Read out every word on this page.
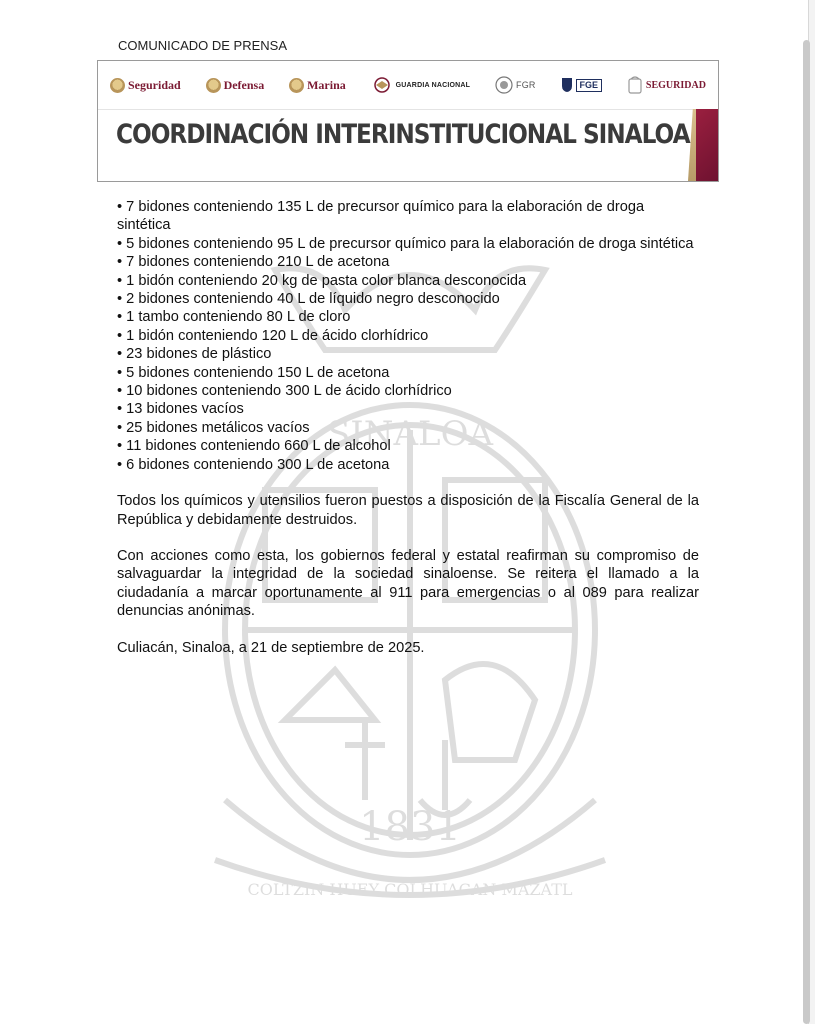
1831
SINALOA
COLTZIN HUEY COLHUACAN MAZATL
COMUNICADO DE PRENSA
Seguridad	Defensa	Marina	GUARDIA NACIONAL	FGR	FGE	SEGURIDAD
COORDINACIÓN INTERINSTITUCIONAL SINALOA
• 7 bidones conteniendo 135 L de precursor químico para la elaboración de droga sintética
• 5 bidones conteniendo 95 L de precursor químico para la elaboración de droga sintética
• 7 bidones conteniendo 210 L de acetona
• 1 bidón conteniendo 20 kg de pasta color blanca desconocida
• 2 bidones conteniendo 40 L de líquido negro desconocido
• 1 tambo conteniendo 80 L de cloro
• 1 bidón conteniendo 120 L de ácido clorhídrico
• 23 bidones de plástico
• 5 bidones conteniendo 150 L de acetona
• 10 bidones conteniendo 300 L de ácido clorhídrico
• 13 bidones vacíos
• 25 bidones metálicos vacíos
• 11 bidones conteniendo 660 L de alcohol
• 6 bidones conteniendo 300 L de acetona

Todos los químicos y utensilios fueron puestos a disposición de la Fiscalía General de la República y debidamente destruidos.

Con acciones como esta, los gobiernos federal y estatal reafirman su compromiso de salvaguardar la integridad de la sociedad sinaloense. Se reitera el llamado a la ciudadanía a marcar oportunamente al 911 para emergencias o al 089 para realizar denuncias anónimas.

Culiacán, Sinaloa, a 21 de septiembre de 2025.
